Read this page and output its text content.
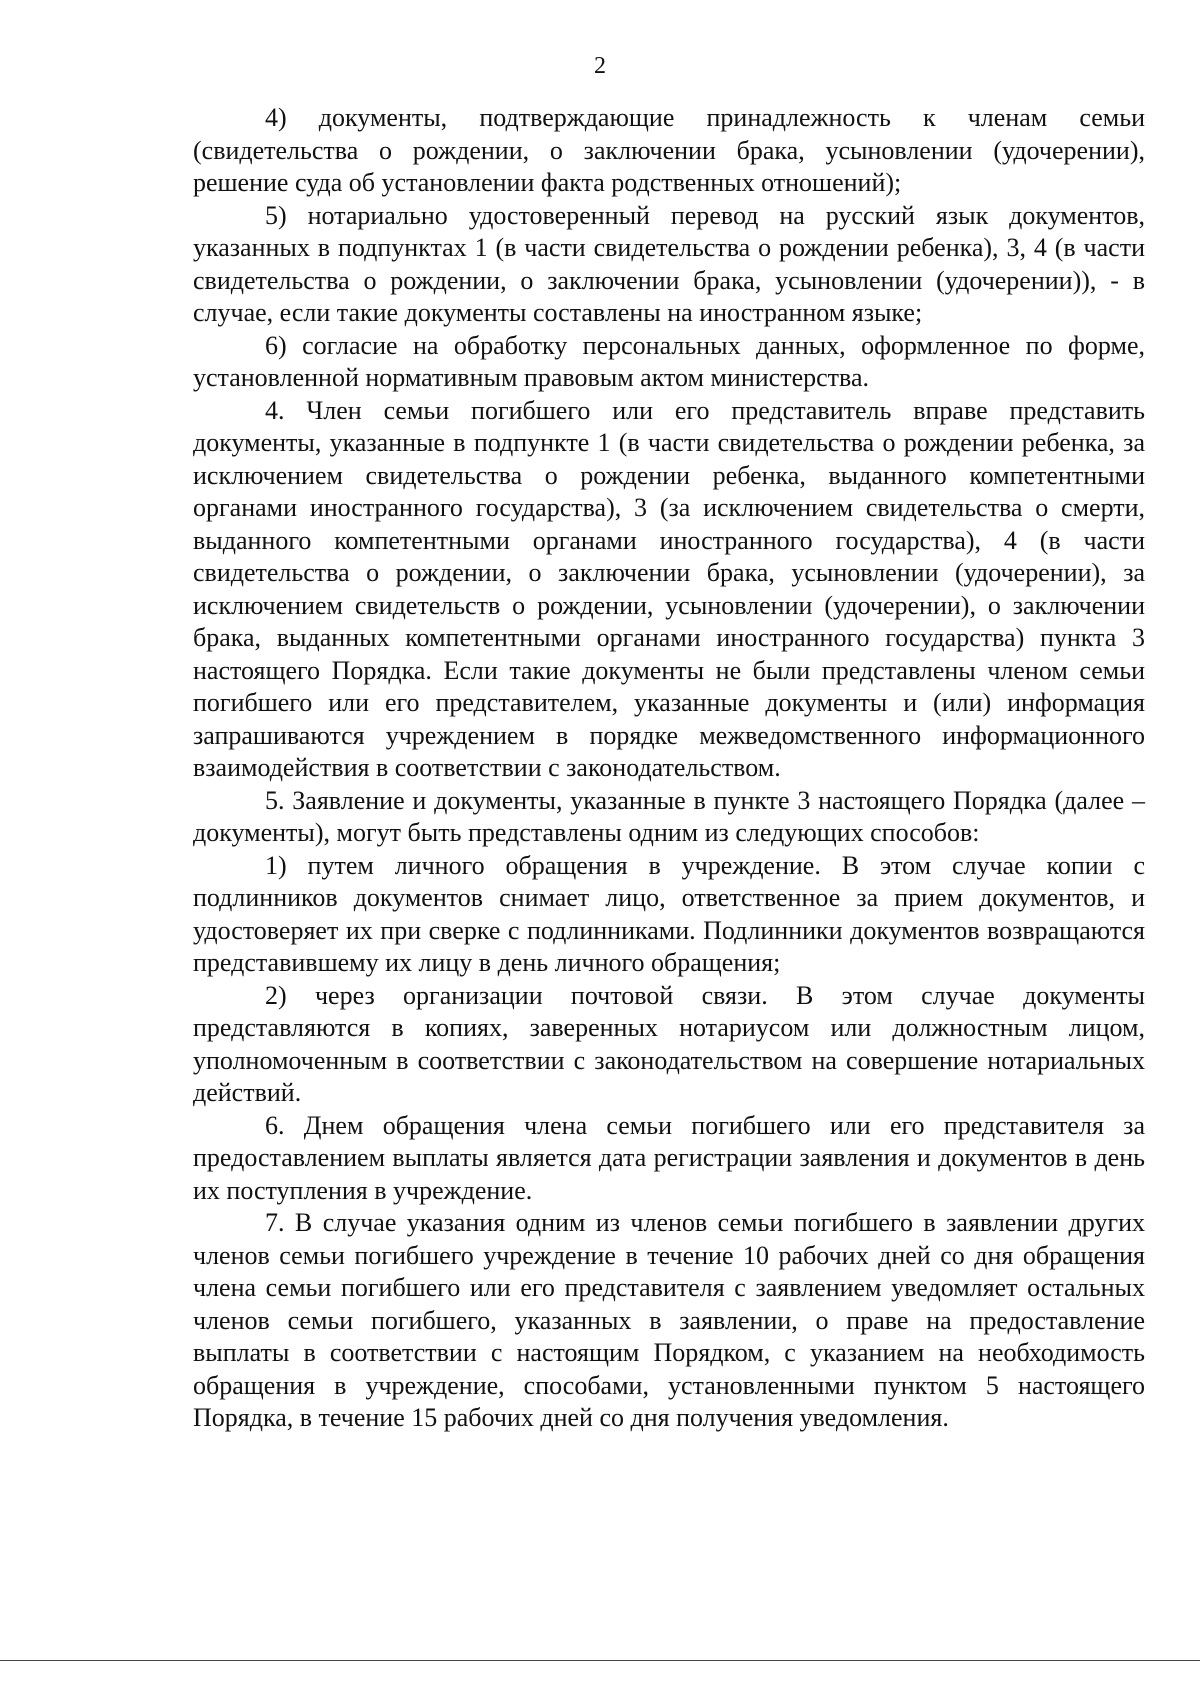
2

4) документы, подтверждающие принадлежность к членам семьи (свидетельства о рождении, о заключении брака, усыновлении (удочерении), решение суда об установлении факта родственных отношений);

5) нотариально удостоверенный перевод на русский язык документов, указанных в подпунктах 1 (в части свидетельства о рождении ребенка), 3, 4 (в части свидетельства о рождении, о заключении брака, усыновлении (удочерении)), - в случае, если такие документы составлены на иностранном языке;

6) согласие на обработку персональных данных, оформленное по форме, установленной нормативным правовым актом министерства.

4. Член семьи погибшего или его представитель вправе представить документы, указанные в подпункте 1 (в части свидетельства о рождении ребенка, за исключением свидетельства о рождении ребенка, выданного компетентными органами иностранного государства), 3 (за исключением свидетельства о смерти, выданного компетентными органами иностранного государства), 4 (в части свидетельства о рождении, о заключении брака, усыновлении (удочерении), за исключением свидетельств о рождении, усыновлении (удочерении), о заключении брака, выданных компетентными органами иностранного государства) пункта 3 настоящего Порядка. Если такие документы не были представлены членом семьи погибшего или его представителем, указанные документы и (или) информация запрашиваются учреждением в порядке межведомственного информационного взаимодействия в соответствии с законодательством.

5. Заявление и документы, указанные в пункте 3 настоящего Порядка (далее – документы), могут быть представлены одним из следующих способов:

1) путем личного обращения в учреждение. В этом случае копии с подлинников документов снимает лицо, ответственное за прием документов, и удостоверяет их при сверке с подлинниками. Подлинники документов возвращаются представившему их лицу в день личного обращения;

2) через организации почтовой связи. В этом случае документы представляются в копиях, заверенных нотариусом или должностным лицом, уполномоченным в соответствии с законодательством на совершение нотариальных действий.

6. Днем обращения члена семьи погибшего или его представителя за предоставлением выплаты является дата регистрации заявления и документов в день их поступления в учреждение.

7. В случае указания одним из членов семьи погибшего в заявлении других членов семьи погибшего учреждение в течение 10 рабочих дней со дня обращения члена семьи погибшего или его представителя с заявлением уведомляет остальных членов семьи погибшего, указанных в заявлении, о праве на предоставление выплаты в соответствии с настоящим Порядком, с указанием на необходимость обращения в учреждение, способами, установленными пунктом 5 настоящего Порядка, в течение 15 рабочих дней со дня получения уведомления.
